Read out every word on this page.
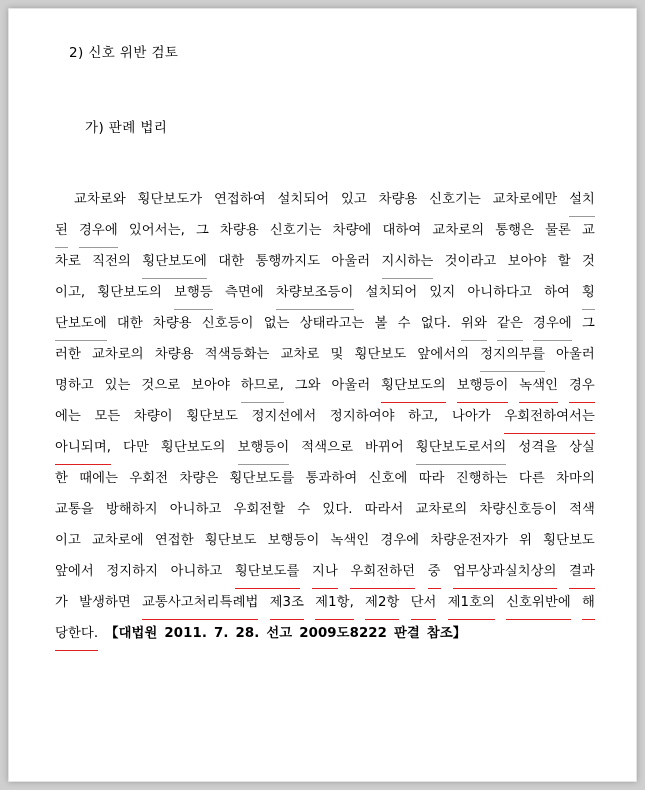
2) 신호 위반 검토
가) 판례 법리
교차로와 횡단보도가 연접하여 설치되어 있고 차량용 신호기는 교차로에만 설치
된 경우에 있어서는, 그 차량용 신호기는 차량에 대하여 교차로의 통행은 물론 교
차로 직전의 횡단보도에 대한 통행까지도 아울러 지시하는 것이라고 보아야 할 것
이고, 횡단보도의 보행등 측면에 차량보조등이 설치되어 있지 아니하다고 하여 횡
단보도에 대한 차량용 신호등이 없는 상태라고는 볼 수 없다. 위와 같은 경우에 그
러한 교차로의 차량용 적색등화는 교차로 및 횡단보도 앞에서의 정지의무를 아울러
명하고 있는 것으로 보아야 하므로, 그와 아울러 횡단보도의 보행등이 녹색인 경우
에는 모든 차량이 횡단보도 정지선에서 정지하여야 하고, 나아가 우회전하여서는
아니되며, 다만 횡단보도의 보행등이 적색으로 바뀌어 횡단보도로서의 성격을 상실
한 때에는 우회전 차량은 횡단보도를 통과하여 신호에 따라 진행하는 다른 차마의
교통을 방해하지 아니하고 우회전할 수 있다. 따라서 교차로의 차량신호등이 적색
이고 교차로에 연접한 횡단보도 보행등이 녹색인 경우에 차량운전자가 위 횡단보도
앞에서 정지하지 아니하고 횡단보도를 지나 우회전하던 중 업무상과실치상의 결과
가 발생하면 교통사고처리특례법 제3조 제1항, 제2항 단서 제1호의 신호위반에 해
당한다. 【대법원 2011. 7. 28. 선고 2009도8222 판결 참조】
